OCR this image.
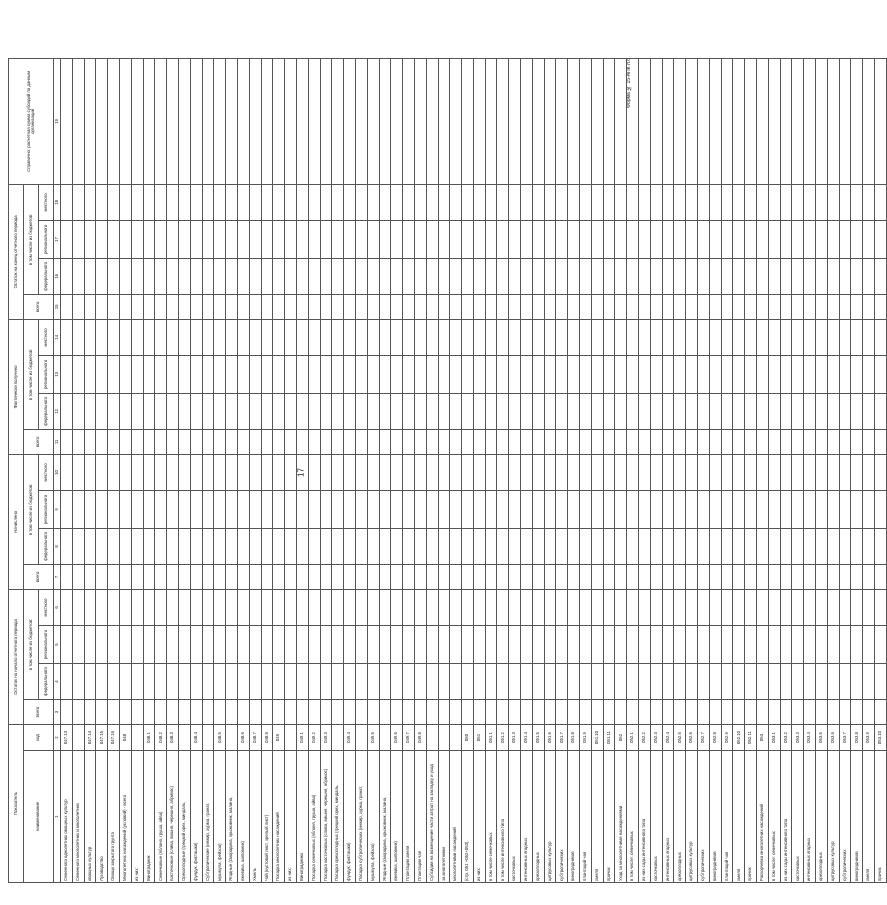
17
Форма № 15-АПК л.6
Показатель		Остаток на начало отчетного периода				Начислено				Фактически получено				Остаток на конец отчетного периода				Справочно: расчетная сумма субсидий по данным организации
наименование	код	всего	в том числе из бюджетов:			всего	в том числе из бюджетов:			всего	в том числе из бюджетов:			всего	в том числе из бюджетов:			
			федерального	регионального	местного		федерального	регионального	местного		федерального	регионального	местного		федерального	регионального	местного	
1	2	3	4	5	6	7	8	9	10	11	12	13	14	15	16	17	18	19
Семенного однолетних овощных культур	047.13																	
Семенного многолетних и многолетних																		
овощных культур	047.14																	
Луговодство	047.15																	
Овощи закрытого грунта	047.16																	
Многолетних насаждений (условий) - всего	048																	
из них:																		
Виноградник	048.1																	
Семечковые (яблоня, груша, айва)	048.2																	
Косточковые (слива, вишня, черешня, абрикос)	048.3																	
Орехоплодные (грецкий орех, миндаль,																		
фундук, фисташки)	048.4																	
Субтропические (инжир, хурма, гранат,																		
мушмула, фейхоа)	048.5																	
Ягодные (смородина, крыжовник, малина,																		
ежевика, шиповник)	048.6																	
Хмель	048.7																	
Чай (кустовой лист, зрелый лист)	048.8																	
Посадка многолетних насаждений	049																	
из них:																		
Виноградники	049.1																	
Посадка семечковых (яблоня, груша, айва)	049.2																	
Посадка косточковых (слива, вишня, черешня, абрикос)	049.3																	
Посадка орехоплодных (грецкий орех, миндаль,																		
фундук, фисташки)	049.4																	
Посадка субтропических (инжир, хурма, гранат,																		
мушмула, фейхоа)	049.5																	
Ягодные (смородина, крыжовник, малина,																		
ежевика, шиповник)	049.6																	
Плантации хмеля	049.7																	
Плантации чая	049.8																	
Субсидии на возмещение части затрат на закладку и уход																		
за многолетними																		
многолетними насаждений																		
(стр. 051 +052+053)	050																	
из них:	051																	
в том числе семечковых	051.1																	
в том числе интенсивного типа	051.2																	
косточковых	051.3																	
интенсивных ягодных	051.4																	
орехоплодных	051.5																	
цитрусовых культур	051.6																	
субтропических	051.7																	
виноградников	051.8																	
плантаций чая	051.9																	
хмеля	051.10																	
прочих	051.11																	
Уход за многолетними насаждениями	052																	
в том числе: семечковых	052.1																	
из них сады интенсивного типа	052.2																	
косточковых	052.3																	
интенсивных ягодных	052.4																	
орехоплодных	052.5																	
цитрусовых культур	052.6																	
субтропических	052.7																	
виноградников	052.8																	
плантаций чая	052.9																	
хмеля	052.10																	
прочих	052.11																	
Раскорчевка многолетних насаждений	053																	
в том числе: семечковых	053.1																	
из них сады интенсивного типа	053.2																	
косточковых	053.3																	
интенсивных ягодных	053.4																	
орехоплодных	053.5																	
цитрусовых культур	053.6																	
субтропических	053.7																	
виноградников	053.8																	
хмеля	053.9																	
прочих	053.10																	
